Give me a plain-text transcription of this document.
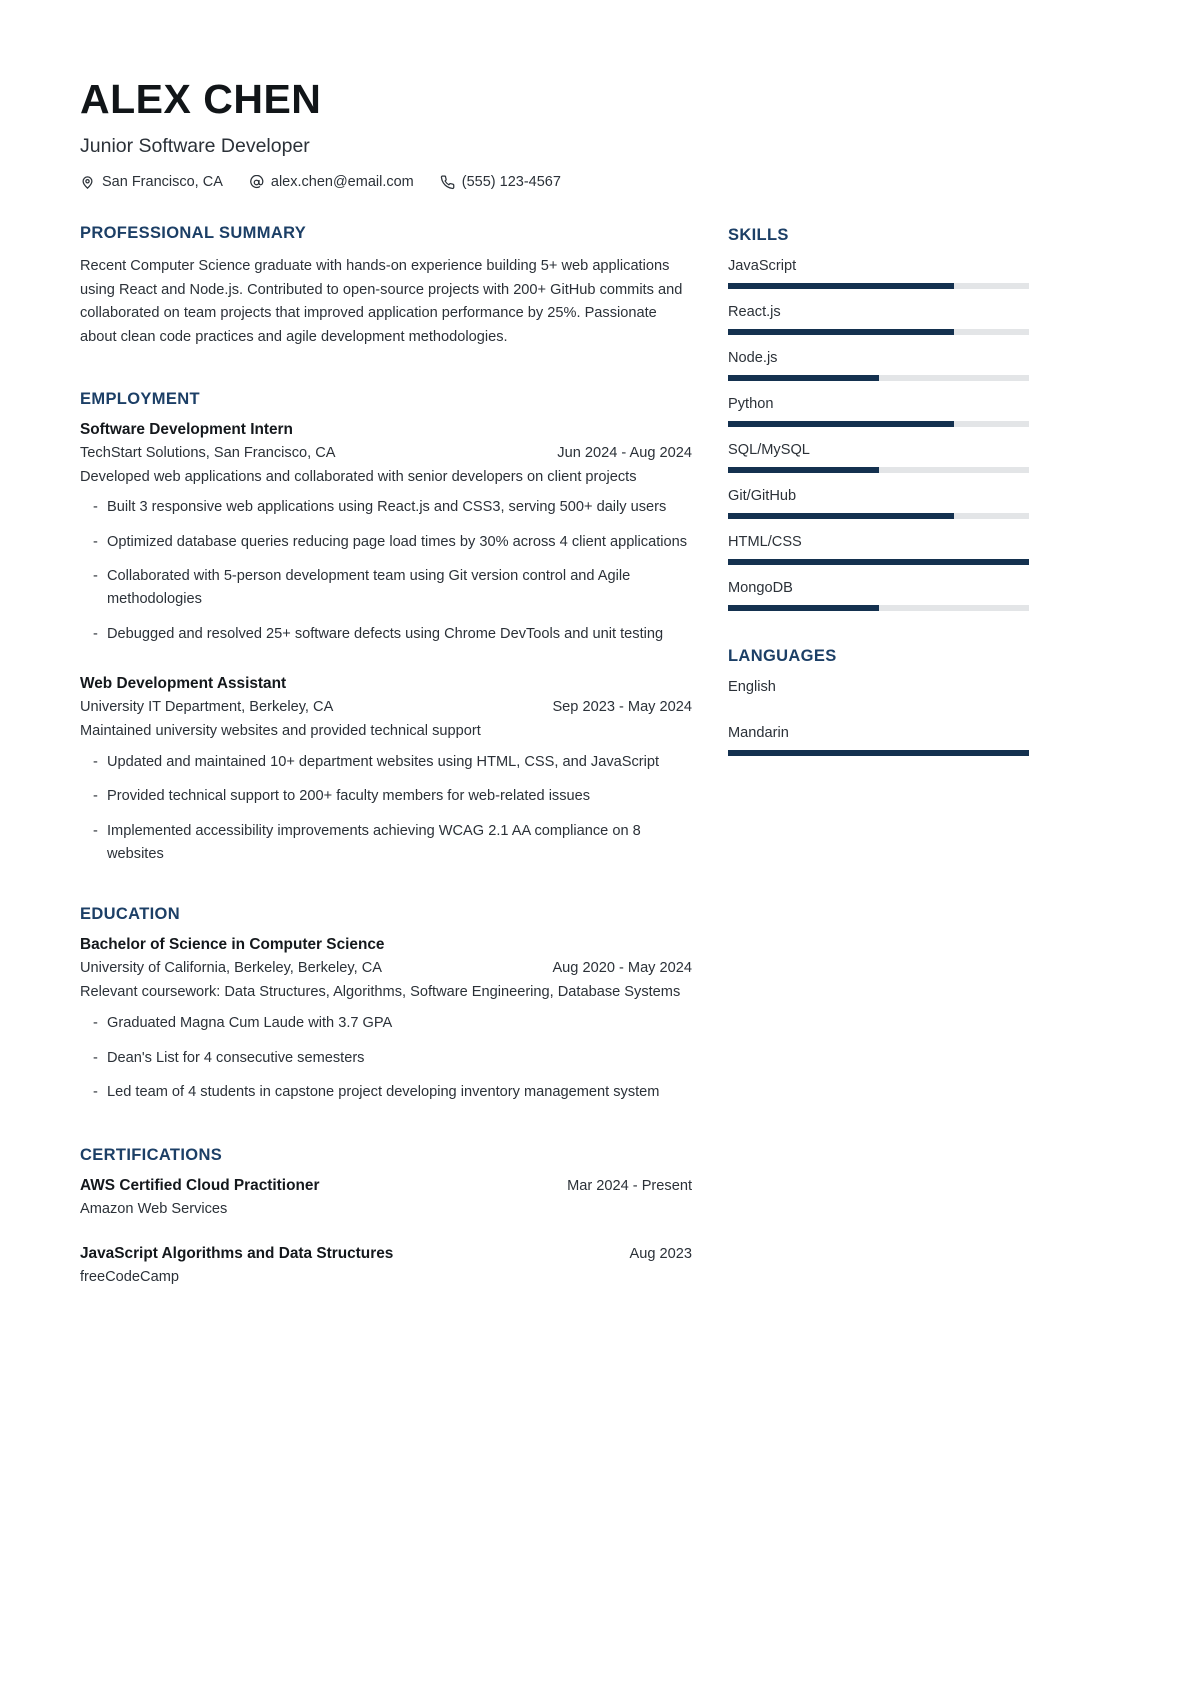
ALEX CHEN
Junior Software Developer
San Francisco, CA	alex.chen@email.com	(555) 123-4567
PROFESSIONAL SUMMARY
Recent Computer Science graduate with hands-on experience building 5+ web applications using React and Node.js. Contributed to open-source projects with 200+ GitHub commits and collaborated on team projects that improved application performance by 25%. Passionate about clean code practices and agile development methodologies.
EMPLOYMENT
Software Development Intern
TechStart Solutions, San Francisco, CA	Jun 2024 - Aug 2024
Developed web applications and collaborated with senior developers on client projects
- Built 3 responsive web applications using React.js and CSS3, serving 500+ daily users
- Optimized database queries reducing page load times by 30% across 4 client applications
- Collaborated with 5-person development team using Git version control and Agile methodologies
- Debugged and resolved 25+ software defects using Chrome DevTools and unit testing
Web Development Assistant
University IT Department, Berkeley, CA	Sep 2023 - May 2024
Maintained university websites and provided technical support
- Updated and maintained 10+ department websites using HTML, CSS, and JavaScript
- Provided technical support to 200+ faculty members for web-related issues
- Implemented accessibility improvements achieving WCAG 2.1 AA compliance on 8 websites
EDUCATION
Bachelor of Science in Computer Science
University of California, Berkeley, Berkeley, CA	Aug 2020 - May 2024
Relevant coursework: Data Structures, Algorithms, Software Engineering, Database Systems
- Graduated Magna Cum Laude with 3.7 GPA
- Dean's List for 4 consecutive semesters
- Led team of 4 students in capstone project developing inventory management system
CERTIFICATIONS
AWS Certified Cloud Practitioner	Mar 2024 - Present
Amazon Web Services
JavaScript Algorithms and Data Structures	Aug 2023
freeCodeCamp
SKILLS
JavaScript
React.js
Node.js
Python
SQL/MySQL
Git/GitHub
HTML/CSS
MongoDB
LANGUAGES
English
Mandarin
